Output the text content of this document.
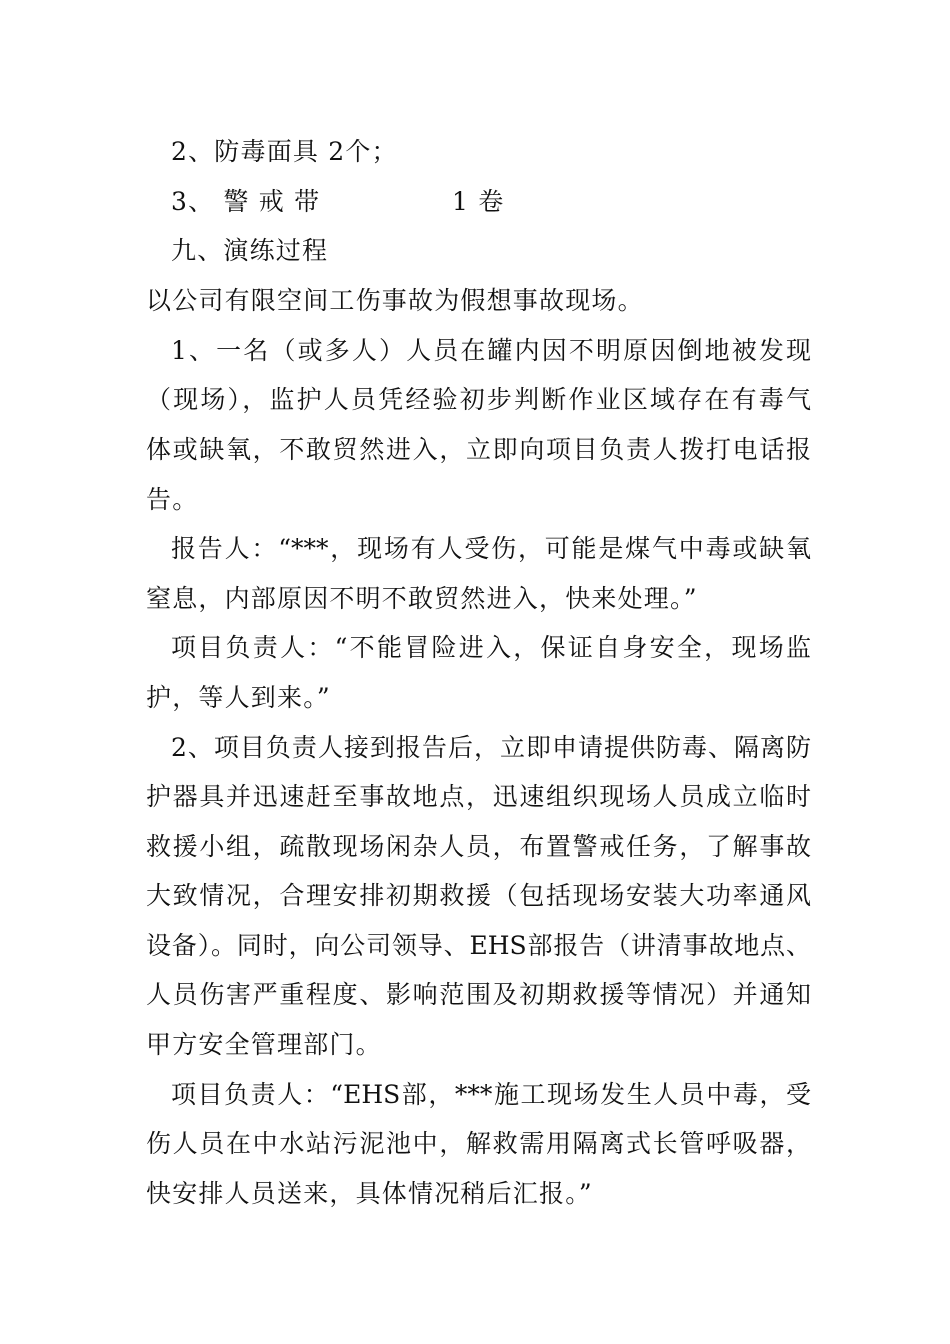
2、防毒面具 2个；
3、 警 戒 带	1 卷
九、演练过程
以公司有限空间工伤事故为假想事故现场。
1、一名（或多人）人员在罐内因不明原因倒地被发现
（现场），监护人员凭经验初步判断作业区域存在有毒气
体或缺氧，不敢贸然进入，立即向项目负责人拨打电话报
告。
报告人：“***，现场有人受伤，可能是煤气中毒或缺氧
窒息，内部原因不明不敢贸然进入，快来处理。”
项目负责人：“不能冒险进入，保证自身安全，现场监
护，等人到来。”
2、项目负责人接到报告后，立即申请提供防毒、隔离防
护器具并迅速赶至事故地点，迅速组织现场人员成立临时
救援小组，疏散现场闲杂人员，布置警戒任务，了解事故
大致情况，合理安排初期救援（包括现场安装大功率通风
设备）。同时，向公司领导、EHS部报告（讲清事故地点、
人员伤害严重程度、影响范围及初期救援等情况）并通知
甲方安全管理部门。
项目负责人：“EHS部，***施工现场发生人员中毒，受
伤人员在中水站污泥池中，解救需用隔离式长管呼吸器，
快安排人员送来，具体情况稍后汇报。”
